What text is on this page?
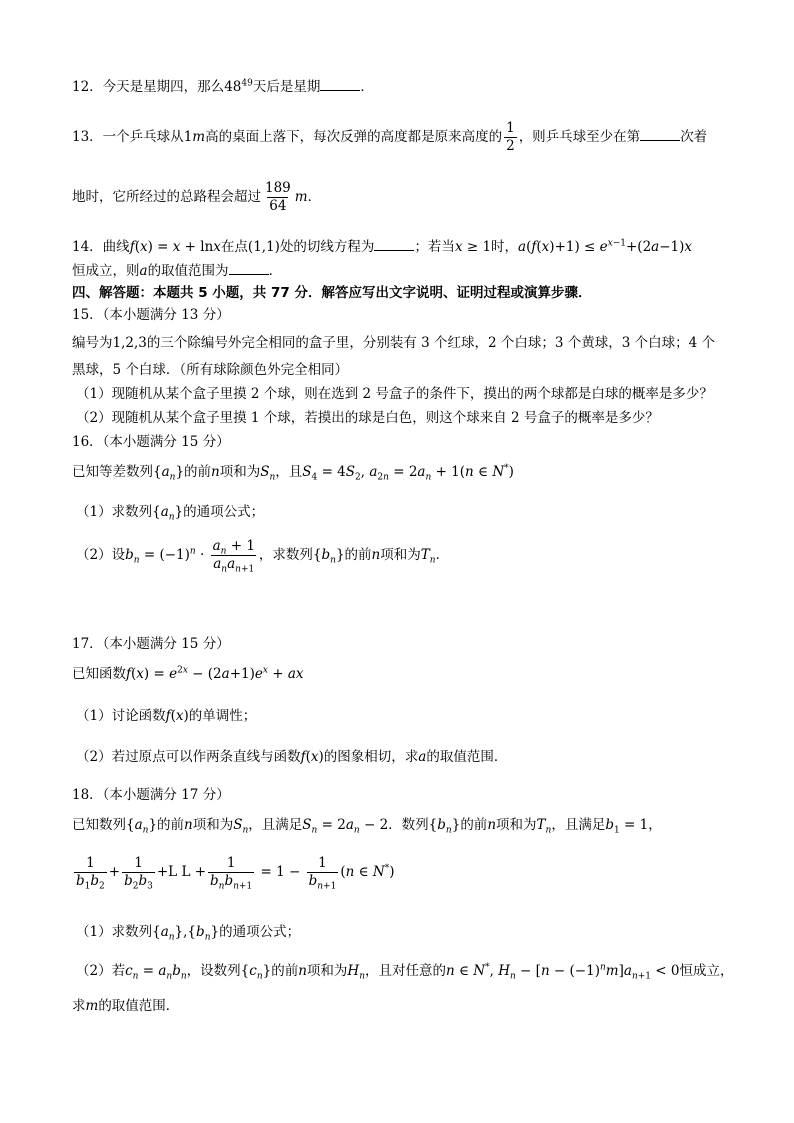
12．今天是星期四，那么$48^{49}$天后是星期	．
13．一个乒乓球从1m高的桌面上落下，每次反弹的高度都是原来高度的 $\frac{1}{2}$ ，则乒乓球至少在第	次着
地时，它所经过的总路程会超过 $\frac{189}{64}$ m．
14．曲线f(x) = x + lnx在点(1,1)处的切线方程为	；若当x ≥ 1时，$a(f(x)+1) \le e^{x-1}+(2a-1)x$
恒成立，则a的取值范围为	．
四、解答题：本题共 5 小题，共 77 分．解答应写出文字说明、证明过程或演算步骤．
15．（本小题满分 13 分）
编号为1,2,3的三个除编号外完全相同的盒子里，分别装有 3 个红球，2 个白球；3 个黄球，3 个白球；4 个
黑球，5 个白球．（所有球除颜色外完全相同）
（1）现随机从某个盒子里摸 2 个球，则在选到 2 号盒子的条件下，摸出的两个球都是白球的概率是多少？
（2）现随机从某个盒子里摸 1 个球，若摸出的球是白色，则这个球来自 2 号盒子的概率是多少？
16．（本小题满分 15 分）
已知等差数列$\{a_n\}$的前n项和为$S_n$，且$S_4 = 4S_2$, $a_{2n} = 2a_n + 1(n$ ∈ N*)
（1）求数列$\{a_n\}$的通项公式；
（2）设$b_n = (-1)^n \cdot \frac{a_n + 1}{a_na_{n+1}}$ ，求数列$\{b_n\}$的前n项和为$T_n$．
17．（本小题满分 15 分）
已知函数$f(x) = e^{2x} - (2a+1)e^x$ + ax
（1）讨论函数f(x)的单调性；
（2）若过原点可以作两条直线与函数f(x)的图象相切，求a的取值范围．
18．（本小题满分 17 分）
已知数列$\{a_n\}$的前n项和为$S_n$，且满足$S_n = 2a_n - 2$．数列$\{b_n\}$的前n项和为$T_n$，且满足$b_1 = 1$，
$\frac{1}{b_1b_2} + \frac{1}{b_2b_3} +L$ $L + \frac{1}{b_nb_{n+1}} = 1 - \frac{1}{b_{n+1}} (n$ ∈ N*)
（1）求数列$\{a_n\},\{b_n\}$的通项公式；
（2）若$c_n = a_nb_n$，设数列$\{c_n\}$的前n项和为$H_n$，且对任意的n ∈ N*, $H_n - [n - (-1)^nm]a_{n+1} < 0$恒成立，
求m的取值范围．
